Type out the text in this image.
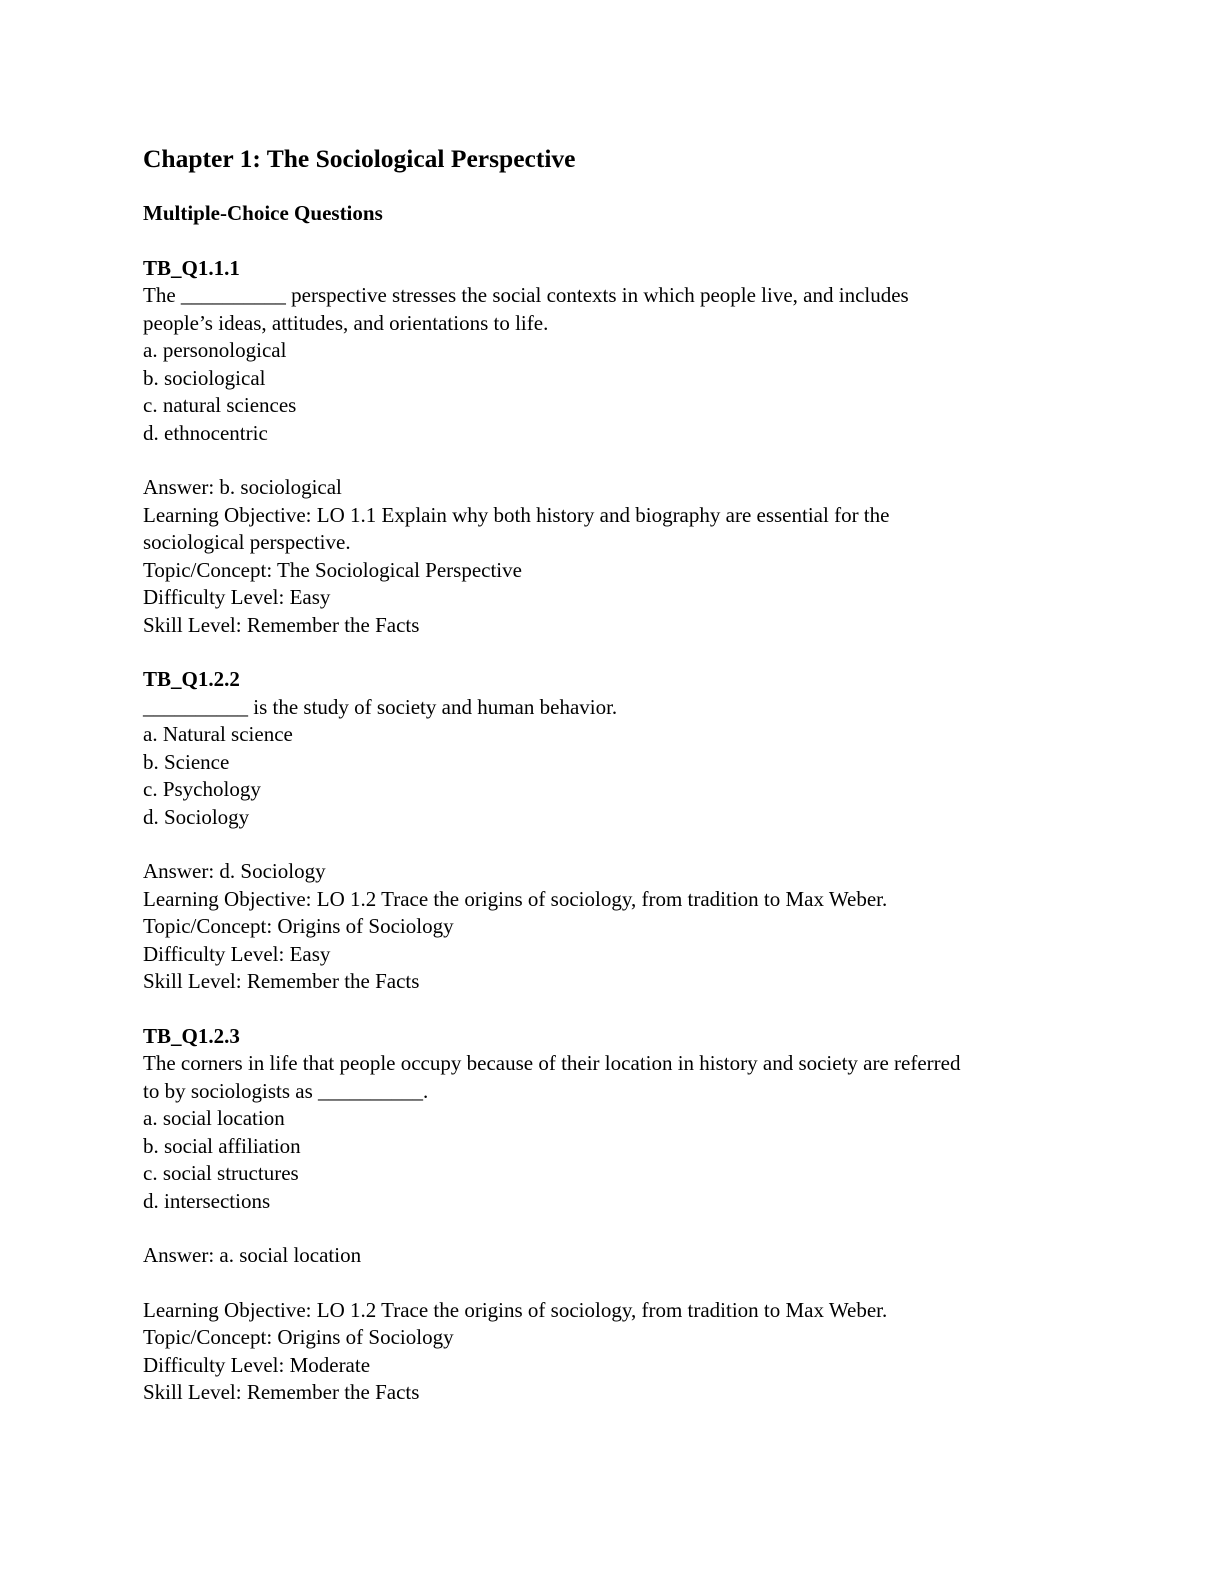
Chapter 1: The Sociological Perspective
Multiple-Choice Questions
TB_Q1.1.1
The __________ perspective stresses the social contexts in which people live, and includes
people’s ideas, attitudes, and orientations to life.
a. personological
b. sociological
c. natural sciences
d. ethnocentric
Answer: b. sociological
Learning Objective: LO 1.1 Explain why both history and biography are essential for the
sociological perspective.
Topic/Concept: The Sociological Perspective
Difficulty Level: Easy
Skill Level: Remember the Facts
TB_Q1.2.2
__________ is the study of society and human behavior.
a. Natural science
b. Science
c. Psychology
d. Sociology
Answer: d. Sociology
Learning Objective: LO 1.2 Trace the origins of sociology, from tradition to Max Weber.
Topic/Concept: Origins of Sociology
Difficulty Level: Easy
Skill Level: Remember the Facts
TB_Q1.2.3
The corners in life that people occupy because of their location in history and society are referred
to by sociologists as __________.
a. social location
b. social affiliation
c. social structures
d. intersections
Answer: a. social location
Learning Objective: LO 1.2 Trace the origins of sociology, from tradition to Max Weber.
Topic/Concept: Origins of Sociology
Difficulty Level: Moderate
Skill Level: Remember the Facts
